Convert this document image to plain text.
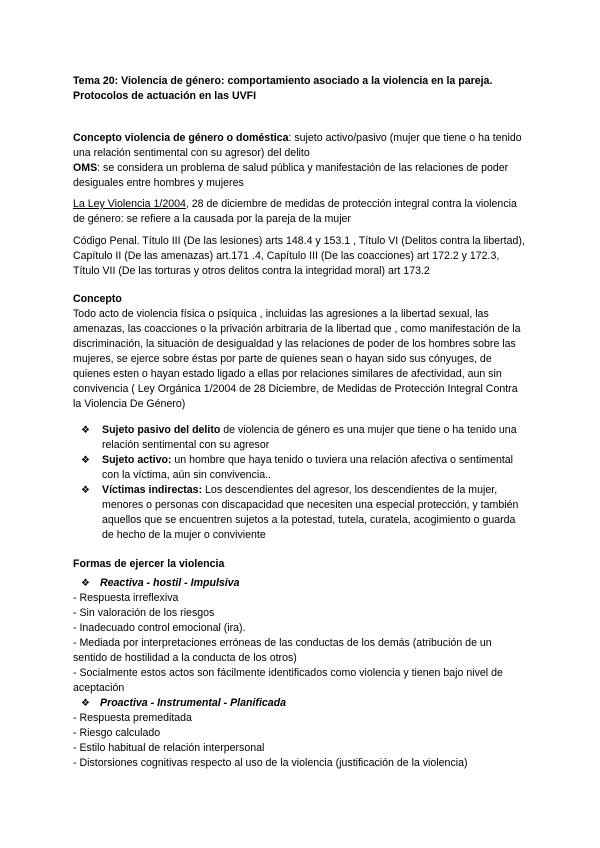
Tema 20: Violencia de género: comportamiento asociado a la violencia en la pareja.

Protocolos de actuación en las UVFI

Concepto violencia de género o doméstica: sujeto activo/pasivo (mujer que tiene o ha tenido una relación sentimental con su agresor) del delito

OMS: se considera un problema de salud pública y manifestación de las relaciones de poder desiguales entre hombres y mujeres

La Ley Violencia 1/2004, 28 de diciembre de medidas de protección integral contra la violencia de género: se refiere a la causada por la pareja de la mujer

Código Penal. Título III (De las lesiones) arts 148.4 y 153.1 , Título VI (Delitos contra la libertad), Capítulo II (De las amenazas) art.171 .4, Capítulo III (De las coacciones) art 172.2 y 172.3, Título VII (De las torturas y otros delitos contra la integridad moral) art 173.2

Concepto

Todo acto de violencia física o psíquica , incluidas las agresiones a la libertad sexual, las amenazas, las coacciones o la privación arbitraria de la libertad que , como manifestación de la discriminación, la situación de desigualdad y las relaciones de poder de los hombres sobre las mujeres, se ejerce sobre éstas por parte de quienes sean o hayan sido sus cónyuges, de quienes esten o hayan estado ligado a ellas por relaciones similares de afectividad, aun sin convivencia ( Ley Orgánica 1/2004 de 28 Diciembre, de Medidas de Protección Integral Contra la Violencia De Género)

❖	Sujeto pasivo del delito de violencia de género es una mujer que tiene o ha tenido una relación sentimental con su agresor
❖	Sujeto activo: un hombre que haya tenido o tuviera una relación afectiva o sentimental con la víctima, aún sin convivencia..
❖	Víctimas indirectas: Los descendientes del agresor, los descendientes de la mujer, menores o personas con discapacidad que necesiten una especial protección, y también aquellos que se encuentren sujetos a la potestad, tutela, curatela, acogimiento o guarda de hecho de la mujer o conviviente

Formas de ejercer la violencia

❖ Reactiva - hostil - Impulsiva

- Respuesta irreflexiva

- Sin valoración de los riesgos

- Inadecuado control emocional (ira).

- Mediada por interpretaciones erróneas de las conductas de los demás (atribución de un sentido de hostilidad a la conducta de los otros)

- Socialmente estos actos son fácilmente identificados como violencia y tienen bajo nivel de aceptación

❖ Proactiva - Instrumental - Planificada

- Respuesta premeditada

- Riesgo calculado

- Estilo habitual de relación interpersonal

- Distorsiones cognitivas respecto al uso de la violencia (justificación de la violencia)
